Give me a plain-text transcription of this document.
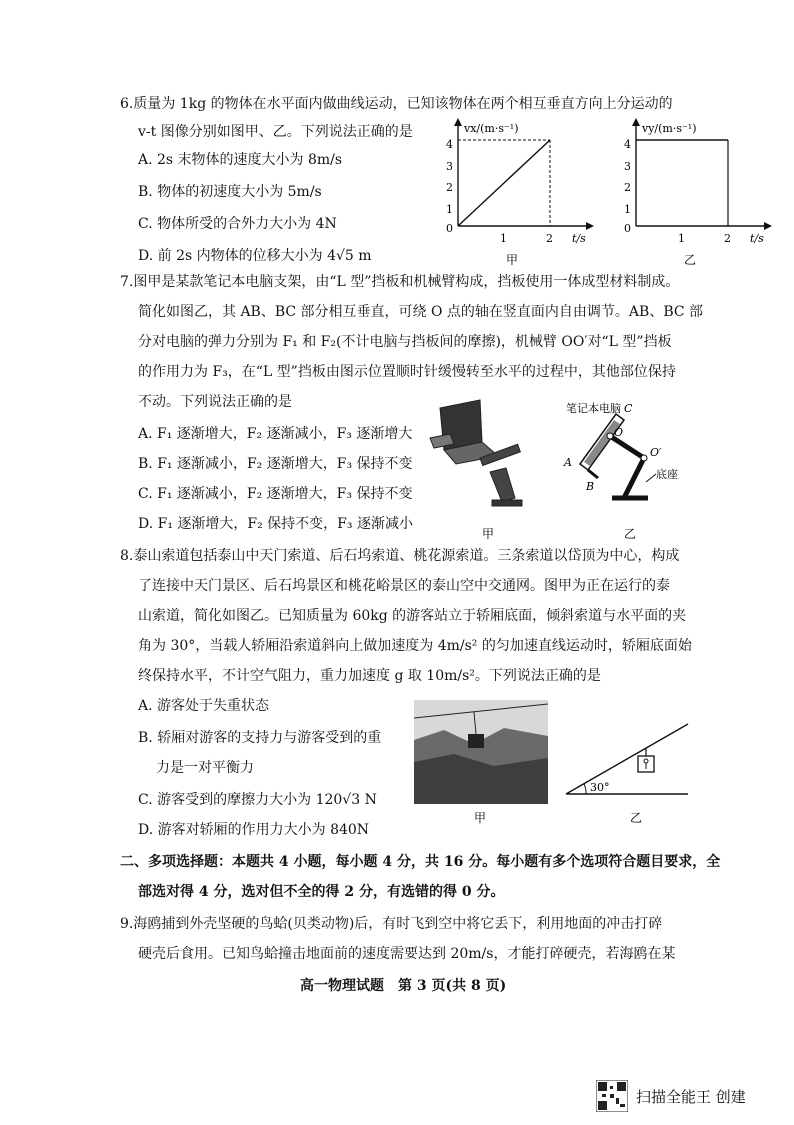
6.质量为 1kg 的物体在水平面内做曲线运动，已知该物体在两个相互垂直方向上分运动的
v-t 图像分别如图甲、乙。下列说法正确的是
A. 2s 末物体的速度大小为 8m/s
B. 物体的初速度大小为 5m/s
C. 物体所受的合外力大小为 4N
D. 前 2s 内物体的位移大小为 4√5 m
vx/(m·s⁻¹)
t/s
4
3
2
1
0
1	2
甲
vy/(m·s⁻¹)
t/s
4
3
2
1
0
1	2
乙
7.图甲是某款笔记本电脑支架，由“L 型”挡板和机械臂构成，挡板使用一体成型材料制成。
简化如图乙，其 AB、BC 部分相互垂直，可绕 O 点的轴在竖直面内自由调节。AB、BC 部
分对电脑的弹力分别为 F₁ 和 F₂(不计电脑与挡板间的摩擦)，机械臂 OO′对“L 型”挡板
的作用力为 F₃，在“L 型”挡板由图示位置顺时针缓慢转至水平的过程中，其他部位保持
不动。下列说法正确的是
A. F₁ 逐渐增大，F₂ 逐渐减小，F₃ 逐渐增大
B. F₁ 逐渐减小，F₂ 逐渐增大，F₃ 保持不变
C. F₁ 逐渐减小，F₂ 逐渐增大，F₃ 保持不变
D. F₁ 逐渐增大，F₂ 保持不变，F₃ 逐渐减小
甲
笔记本电脑 C
A
B
O
O′
底座
乙
8.泰山索道包括泰山中天门索道、后石坞索道、桃花源索道。三条索道以岱顶为中心，构成
了连接中天门景区、后石坞景区和桃花峪景区的泰山空中交通网。图甲为正在运行的泰
山索道，简化如图乙。已知质量为 60kg 的游客站立于轿厢底面，倾斜索道与水平面的夹
角为 30°，当载人轿厢沿索道斜向上做加速度为 4m/s² 的匀加速直线运动时，轿厢底面始
终保持水平，不计空气阻力，重力加速度 g 取 10m/s²。下列说法正确的是
A. 游客处于失重状态
B. 轿厢对游客的支持力与游客受到的重
力是一对平衡力
C. 游客受到的摩擦力大小为 120√3 N
D. 游客对轿厢的作用力大小为 840N
甲
30°
乙
二、多项选择题：本题共 4 小题，每小题 4 分，共 16 分。每小题有多个选项符合题目要求，全
部选对得 4 分，选对但不全的得 2 分，有选错的得 0 分。
9.海鸥捕到外壳坚硬的鸟蛤(贝类动物)后，有时飞到空中将它丢下，利用地面的冲击打碎
硬壳后食用。已知鸟蛤撞击地面前的速度需要达到 20m/s，才能打碎硬壳，若海鸥在某
高一物理试题　第 3 页(共 8 页)
扫描全能王 创建
